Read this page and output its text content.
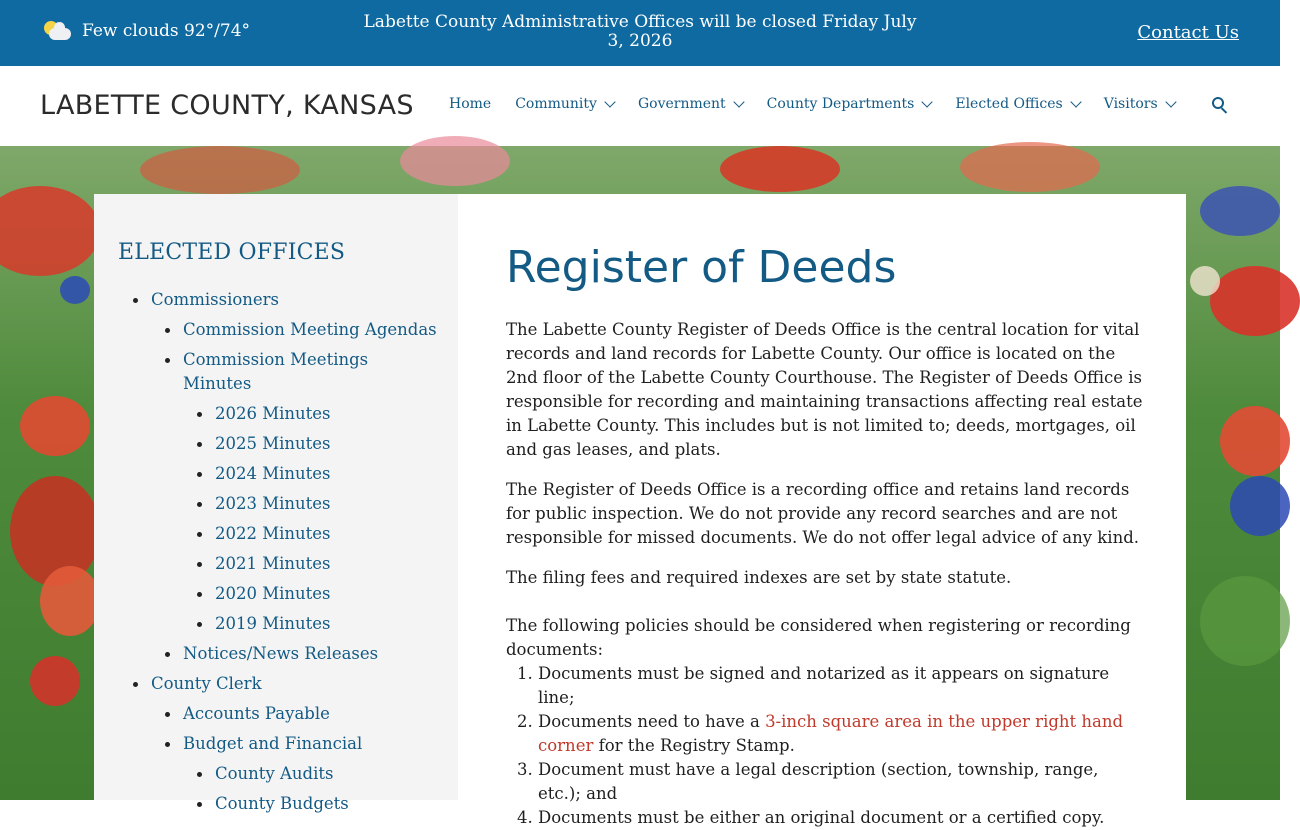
Few clouds 92°/74°	Labette County Administrative Offices will be closed Friday July 3, 2026	Contact Us
LABETTE COUNTY, KANSAS	Home Community	Government	County Departments	Elected Offices	Visitors
ELECTED OFFICES
Commissioners
Commission Meeting Agendas
Commission Meetings Minutes
2026 Minutes
2025 Minutes
2024 Minutes
2023 Minutes
2022 Minutes
2021 Minutes
2020 Minutes
2019 Minutes
Notices/News Releases
County Clerk
Accounts Payable
Budget and Financial
County Audits
County Budgets
Register of Deeds

The Labette County Register of Deeds Office is the central location for vital records and land records for Labette County. Our office is located on the 2nd floor of the Labette County Courthouse. The Register of Deeds Office is responsible for recording and maintaining transactions affecting real estate in Labette County. This includes but is not limited to; deeds, mortgages, oil and gas leases, and plats.

The Register of Deeds Office is a recording office and retains land records for public inspection. We do not provide any record searches and are not responsible for missed documents. We do not offer legal advice of any kind.

The filing fees and required indexes are set by state statute.

The following policies should be considered when registering or recording documents:

1. Documents must be signed and notarized as it appears on signature line;
2. Documents need to have a 3-inch square area in the upper right hand corner for the Registry Stamp.
3. Document must have a legal description (section, township, range, etc.); and
4. Documents must be either an original document or a certified copy.
